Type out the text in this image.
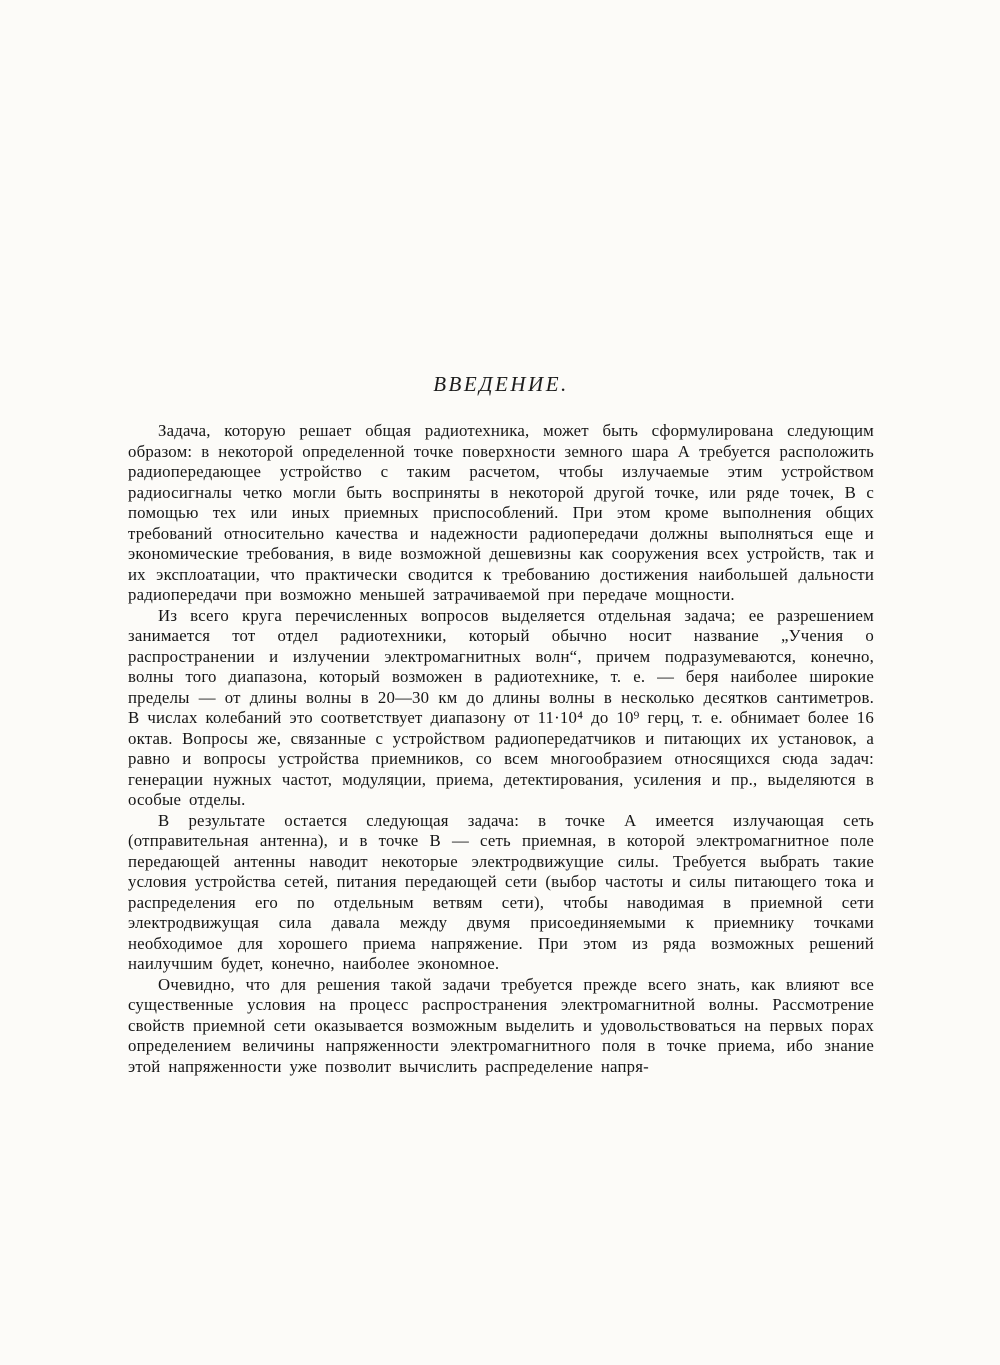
ВВЕДЕНИЕ.

Задача, которую решает общая радиотехника, может быть сформулирована следующим образом: в некоторой определенной точке поверхности земного шара А требуется расположить радиопередающее устройство с таким расчетом, чтобы излучаемые этим устройством радиосигналы четко могли быть восприняты в некоторой другой точке, или ряде точек, В с помощью тех или иных приемных приспособлений. При этом кроме выполнения общих требований относительно качества и надежности радиопередачи должны выполняться еще и экономические требования, в виде возможной дешевизны как сооружения всех устройств, так и их эксплоатации, что практически сводится к требованию достижения наибольшей дальности радиопередачи при возможно меньшей затрачиваемой при передаче мощности.

Из всего круга перечисленных вопросов выделяется отдельная задача; ее разрешением занимается тот отдел радиотехники, который обычно носит название „Учения о распространении и излучении электромагнитных волн“, причем подразумеваются, конечно, волны того диапазона, который возможен в радиотехнике, т. е. — беря наиболее широкие пределы — от длины волны в 20—30 км до длины волны в несколько десятков сантиметров. В числах колебаний это соответствует диапазону от 11·10⁴ до 10⁹ герц, т. е. обнимает более 16 октав. Вопросы же, связанные с устройством радиопередатчиков и питающих их установок, а равно и вопросы устройства приемников, со всем многообразием относящихся сюда задач: генерации нужных частот, модуляции, приема, детектирования, усиления и пр., выделяются в особые отделы.

В результате остается следующая задача: в точке А имеется излучающая сеть (отправительная антенна), и в точке В — сеть приемная, в которой электромагнитное поле передающей антенны наводит некоторые электродвижущие силы. Требуется выбрать такие условия устройства сетей, питания передающей сети (выбор частоты и силы питающего тока и распределения его по отдельным ветвям сети), чтобы наводимая в приемной сети электродвижущая сила давала между двумя присоединяемыми к приемнику точками необходимое для хорошего приема напряжение. При этом из ряда возможных решений наилучшим будет, конечно, наиболее экономное.

Очевидно, что для решения такой задачи требуется прежде всего знать, как влияют все существенные условия на процесс распространения электромагнитной волны. Рассмотрение свойств приемной сети оказывается возможным выделить и удовольствоваться на первых порах определением величины напряженности электромагнитного поля в точке приема, ибо знание этой напряженности уже позволит вычислить распределение напря-
